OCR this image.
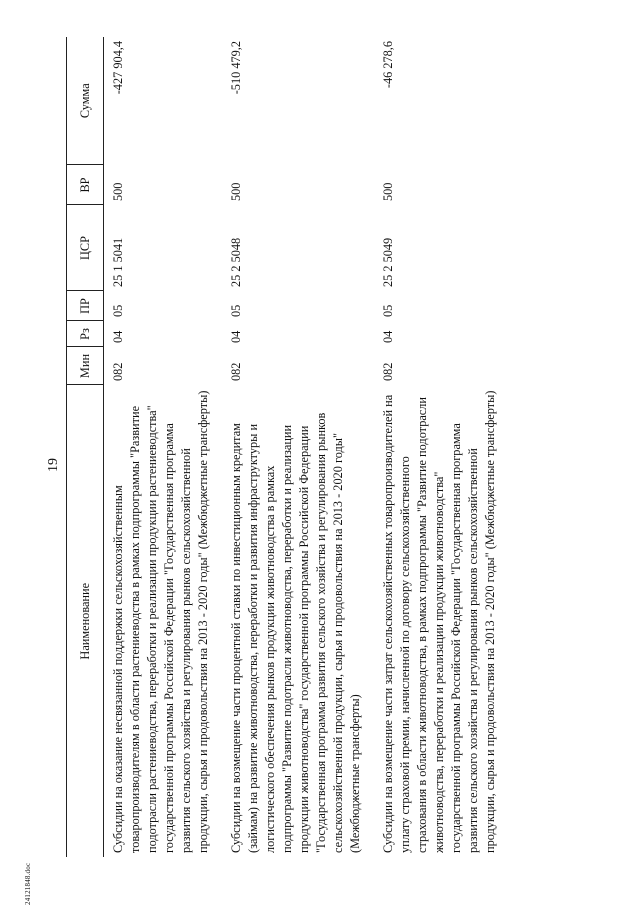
19
24121848.doc
Наименование	Мин	Рз	ПР	ЦСР	ВР	Сумма
Субсидии на оказание несвязанной поддержки сельскохозяйственным товаропроизводителям в области растениеводства в рамках подпрограммы "Развитие подотрасли растениеводства, переработки и реализации продукции растениеводства" государственной программы Российской Федерации "Государственная программа развития сельского хозяйства и регулирования рынков сельскохозяйственной продукции, сырья и продовольствия на 2013 - 2020 годы" (Межбюджетные трансферты)	082	04	05	25 1 5041	500	-427 904,4
Субсидии на возмещение части процентной ставки по инвестиционным кредитам (займам) на развитие животноводства, переработки и развития инфраструктуры и логистического обеспечения рынков продукции животноводства в рамках подпрограммы "Развитие подотрасли животноводства, переработки и реализации продукции животноводства" государственной программы Российской Федерации "Государственная программа развития сельского хозяйства и регулирования рынков сельскохозяйственной продукции, сырья и продовольствия на 2013 - 2020 годы" (Межбюджетные трансферты)	082	04	05	25 2 5048	500	-510 479,2
Субсидии на возмещение части затрат сельскохозяйственных товаропроизводителей на уплату страховой премии, начисленной по договору сельскохозяйственного страхования в области животноводства, в рамках подпрограммы "Развитие подотрасли животноводства, переработки и реализации продукции животноводства" государственной программы Российской Федерации "Государственная программа развития сельского хозяйства и регулирования рынков сельскохозяйственной продукции, сырья и продовольствия на 2013 - 2020 годы" (Межбюджетные трансферты)	082	04	05	25 2 5049	500	-46 278,6
